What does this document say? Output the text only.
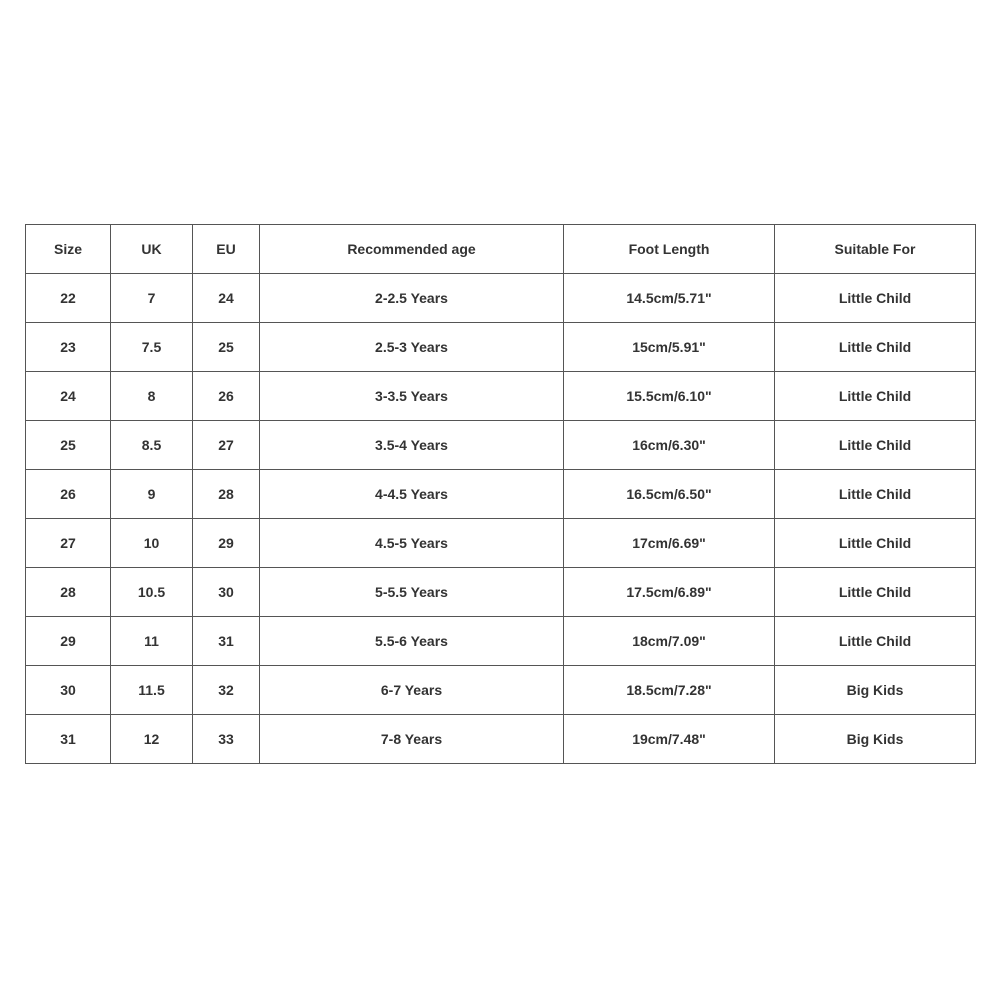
Size	UK	EU	Recommended age	Foot Length	Suitable For
22	7	24	2-2.5 Years	14.5cm/5.71"	Little Child
23	7.5	25	2.5-3 Years	15cm/5.91"	Little Child
24	8	26	3-3.5 Years	15.5cm/6.10"	Little Child
25	8.5	27	3.5-4 Years	16cm/6.30"	Little Child
26	9	28	4-4.5 Years	16.5cm/6.50"	Little Child
27	10	29	4.5-5 Years	17cm/6.69"	Little Child
28	10.5	30	5-5.5 Years	17.5cm/6.89"	Little Child
29	11	31	5.5-6 Years	18cm/7.09"	Little Child
30	11.5	32	6-7 Years	18.5cm/7.28"	Big Kids
31	12	33	7-8 Years	19cm/7.48"	Big Kids
